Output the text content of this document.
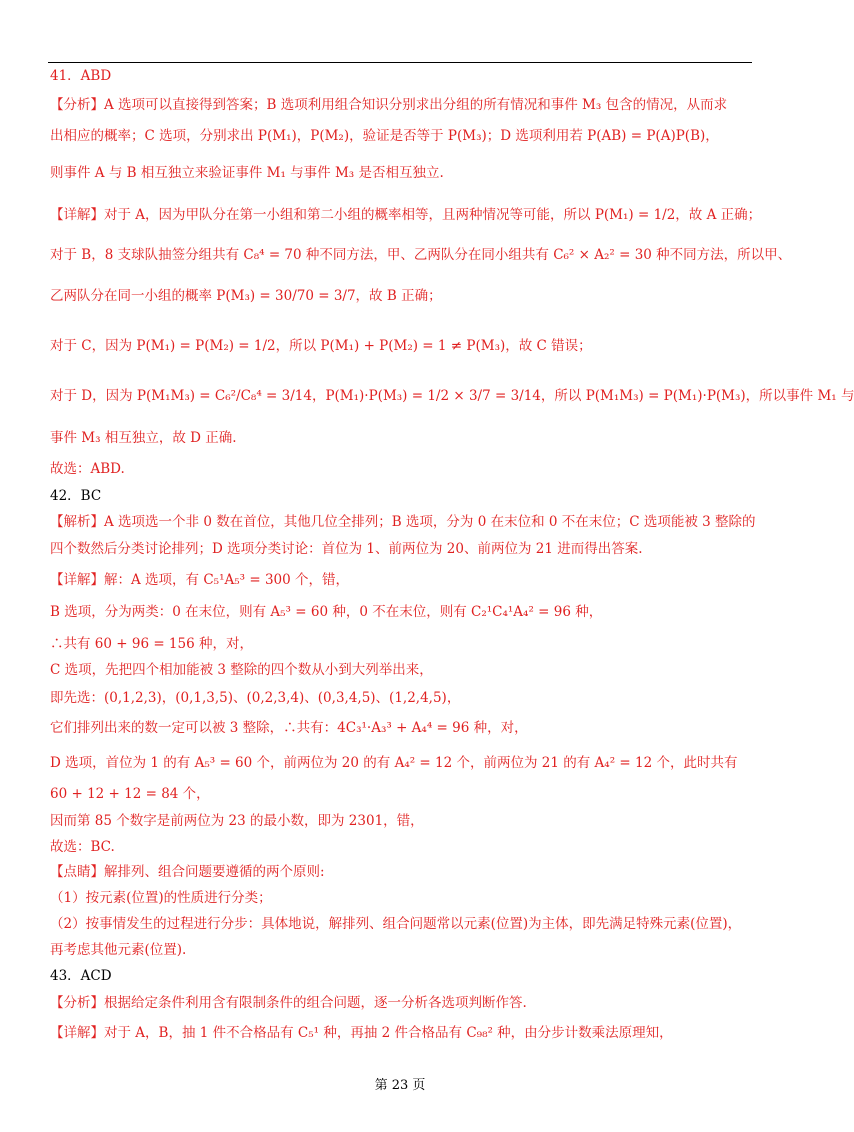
41．ABD
【分析】A 选项可以直接得到答案；B 选项利用组合知识分别求出分组的所有情况和事件 M₃ 包含的情况，从而求
出相应的概率；C 选项，分别求出 P(M₁)，P(M₂)，验证是否等于 P(M₃)；D 选项利用若 P(AB) = P(A)P(B)，
则事件 A 与 B 相互独立来验证事件 M₁ 与事件 M₃ 是否相互独立.
【详解】对于 A，因为甲队分在第一小组和第二小组的概率相等，且两种情况等可能，所以 P(M₁) = 1/2，故 A 正确；
对于 B，8 支球队抽签分组共有 C₈⁴ = 70 种不同方法，甲、乙两队分在同小组共有 C₆² × A₂² = 30 种不同方法，所以甲、
乙两队分在同一小组的概率 P(M₃) = 30/70 = 3/7，故 B 正确；
对于 C，因为 P(M₁) = P(M₂) = 1/2，所以 P(M₁) + P(M₂) = 1 ≠ P(M₃)，故 C 错误；
对于 D，因为 P(M₁M₃) = C₆²/C₈⁴ = 3/14，P(M₁)·P(M₃) = 1/2 × 3/7 = 3/14，所以 P(M₁M₃) = P(M₁)·P(M₃)，所以事件 M₁ 与
事件 M₃ 相互独立，故 D 正确.
故选：ABD.
42．BC
【解析】A 选项选一个非 0 数在首位，其他几位全排列；B 选项，分为 0 在末位和 0 不在末位；C 选项能被 3 整除的
四个数然后分类讨论排列；D 选项分类讨论：首位为 1、前两位为 20、前两位为 21 进而得出答案.
【详解】解：A 选项，有 C₅¹A₅³ = 300 个，错，
B 选项，分为两类：0 在末位，则有 A₅³ = 60 种，0 不在末位，则有 C₂¹C₄¹A₄² = 96 种，
∴共有 60 + 96 = 156 种，对，
C 选项，先把四个相加能被 3 整除的四个数从小到大列举出来，
即先选：(0,1,2,3)，(0,1,3,5)、(0,2,3,4)、(0,3,4,5)、(1,2,4,5)，
它们排列出来的数一定可以被 3 整除，∴共有：4C₃¹·A₃³ + A₄⁴ = 96 种，对，
D 选项，首位为 1 的有 A₅³ = 60 个，前两位为 20 的有 A₄² = 12 个，前两位为 21 的有 A₄² = 12 个，此时共有
60 + 12 + 12 = 84 个，
因而第 85 个数字是前两位为 23 的最小数，即为 2301，错，
故选：BC.
【点睛】解排列、组合问题要遵循的两个原则:
（1）按元素(位置)的性质进行分类；
（2）按事情发生的过程进行分步：具体地说，解排列、组合问题常以元素(位置)为主体，即先满足特殊元素(位置)，
再考虑其他元素(位置).
43．ACD
【分析】根据给定条件利用含有限制条件的组合问题，逐一分析各选项判断作答.
【详解】对于 A，B，抽 1 件不合格品有 C₅¹ 种，再抽 2 件合格品有 C₉₈² 种，由分步计数乘法原理知，
第 23 页
